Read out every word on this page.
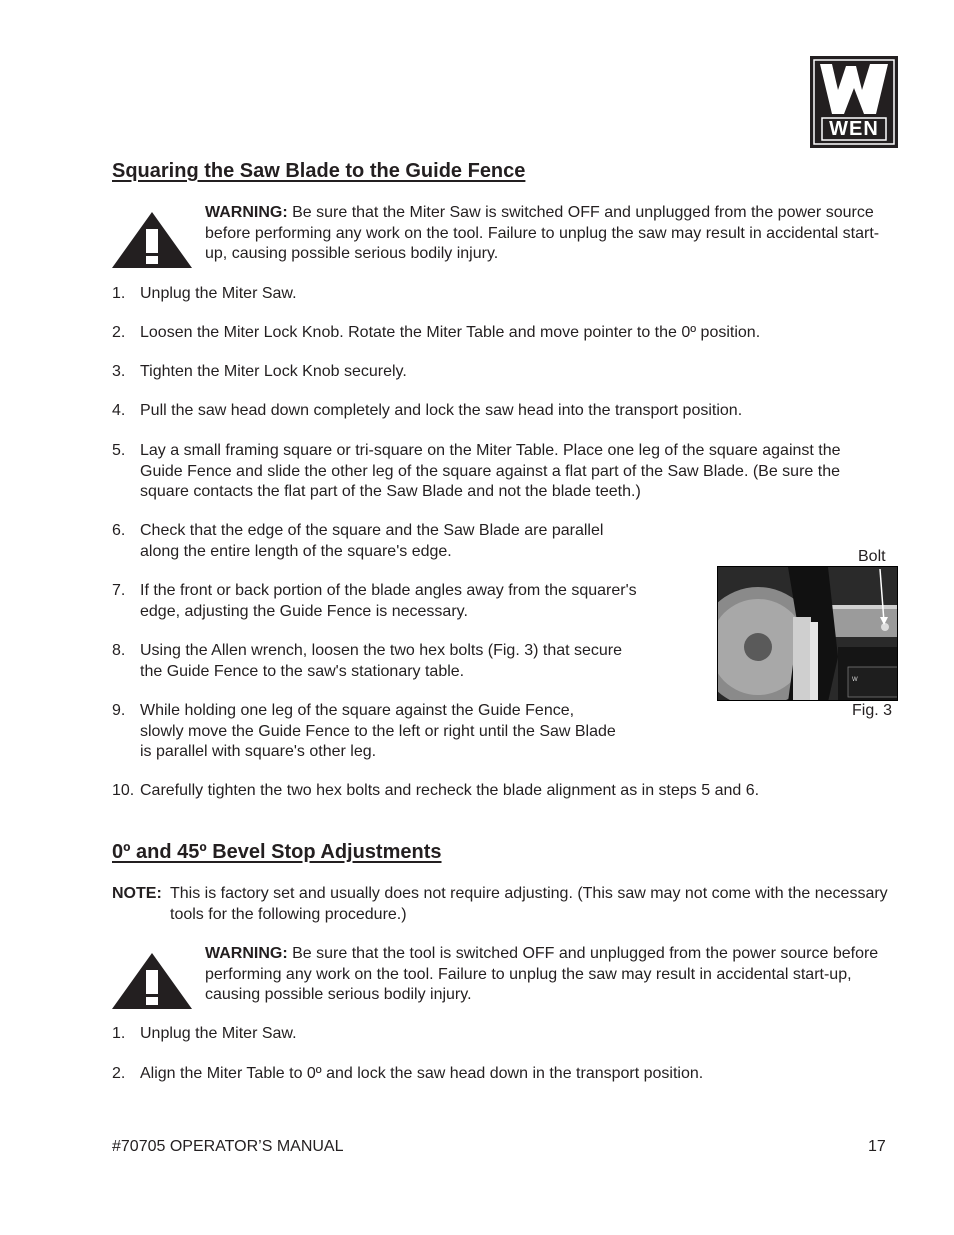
WEN
Squaring the Saw Blade to the Guide Fence
WARNING: Be sure that the Miter Saw is switched OFF and unplugged from the power source before performing any work on the tool. Failure to unplug the saw may result in accidental start-up, causing possible serious bodily injury.
1. Unplug the Miter Saw.
2. Loosen the Miter Lock Knob. Rotate the Miter Table and move pointer to the 0º position.
3. Tighten the Miter Lock Knob securely.
4. Pull the saw head down completely and lock the saw head into the transport position.
5. Lay a small framing square or tri-square on the Miter Table. Place one leg of the square against the
Guide Fence and slide the other leg of the square against a flat part of the Saw Blade. (Be sure the
square contacts the flat part of the Saw Blade and not the blade teeth.)
6. Check that the edge of the square and the Saw Blade are parallel
along the entire length of the square's edge.
7. If the front or back portion of the blade angles away from the squarer's
edge, adjusting the Guide Fence is necessary.
8. Using the Allen wrench, loosen the two hex bolts (Fig. 3) that secure
the Guide Fence to the saw's stationary table.
9. While holding one leg of the square against the Guide Fence,
slowly move the Guide Fence to the left or right until the Saw Blade
is parallel with square's other leg.
10. Carefully tighten the two hex bolts and recheck the blade alignment as in steps 5 and 6.
Bolt
W
Fig. 3
0º and 45º Bevel Stop Adjustments
NOTE: This is factory set and usually does not require adjusting. (This saw may not come with the necessary tools for the following procedure.)
WARNING: Be sure that the tool is switched OFF and unplugged from the power source before performing any work on the tool. Failure to unplug the saw may result in accidental start-up, causing possible serious bodily injury.
1. Unplug the Miter Saw.
2. Align the Miter Table to 0º and lock the saw head down in the transport position.
#70705 OPERATOR’S MANUAL	17
